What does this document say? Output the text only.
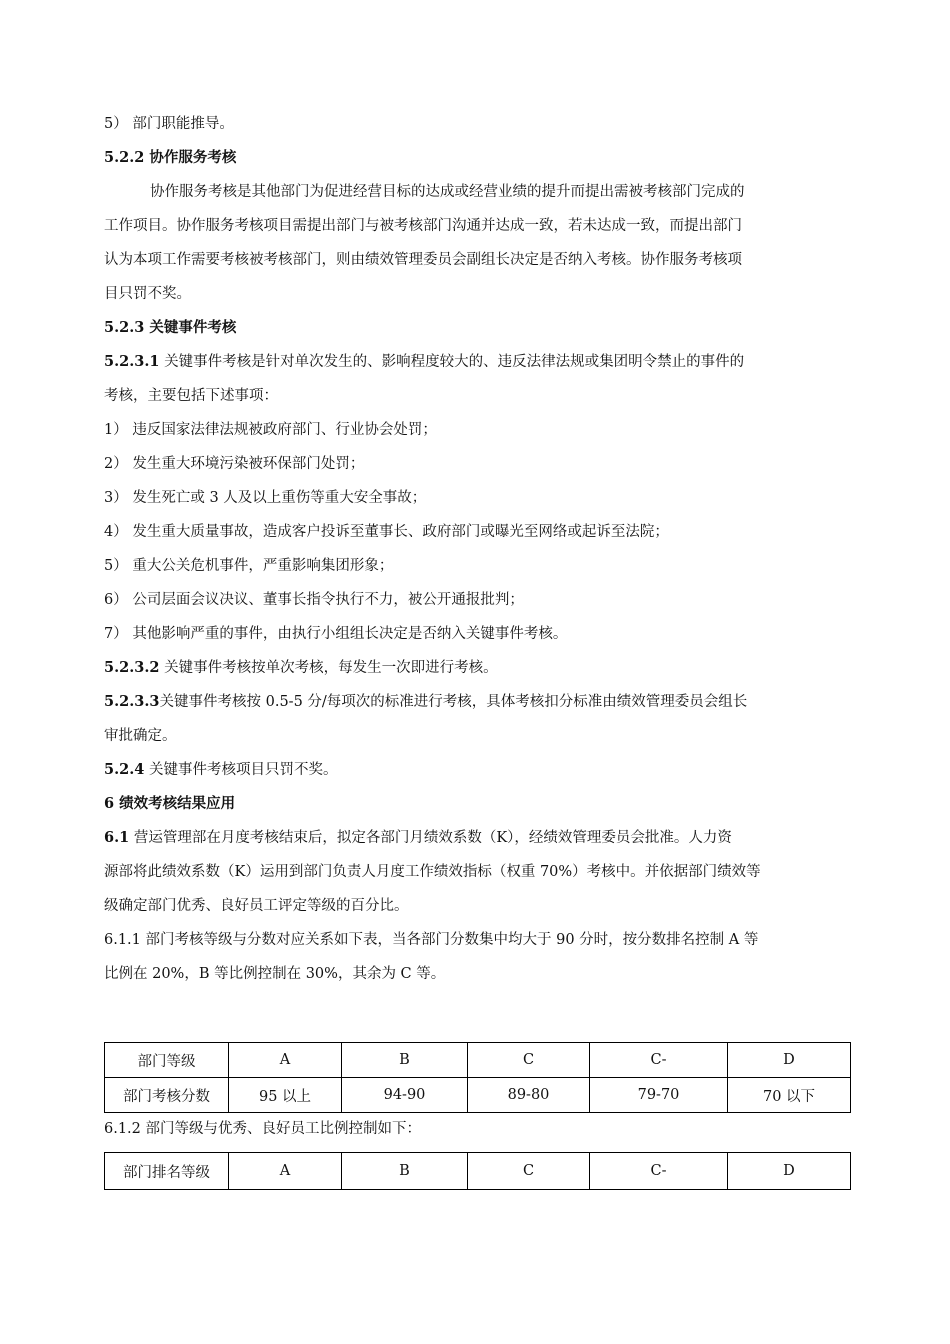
5） 部门职能推导。
5.2.2 协作服务考核
协作服务考核是其他部门为促进经营目标的达成或经营业绩的提升而提出需被考核部门完成的
工作项目。协作服务考核项目需提出部门与被考核部门沟通并达成一致，若未达成一致，而提出部门
认为本项工作需要考核被考核部门，则由绩效管理委员会副组长决定是否纳入考核。协作服务考核项
目只罚不奖。
5.2.3 关键事件考核
5.2.3.1 关键事件考核是针对单次发生的、影响程度较大的、违反法律法规或集团明令禁止的事件的
考核，主要包括下述事项：
1） 违反国家法律法规被政府部门、行业协会处罚；
2） 发生重大环境污染被环保部门处罚；
3） 发生死亡或 3 人及以上重伤等重大安全事故；
4） 发生重大质量事故，造成客户投诉至董事长、政府部门或曝光至网络或起诉至法院；
5） 重大公关危机事件，严重影响集团形象；
6） 公司层面会议决议、董事长指令执行不力，被公开通报批判；
7） 其他影响严重的事件，由执行小组组长决定是否纳入关键事件考核。
5.2.3.2 关键事件考核按单次考核，每发生一次即进行考核。
5.2.3.3关键事件考核按 0.5-5 分/每项次的标准进行考核，具体考核扣分标准由绩效管理委员会组长
审批确定。
5.2.4 关键事件考核项目只罚不奖。
6 绩效考核结果应用
6.1 营运管理部在月度考核结束后，拟定各部门月绩效系数（K），经绩效管理委员会批准。人力资
源部将此绩效系数（K）运用到部门负责人月度工作绩效指标（权重 70%）考核中。并依据部门绩效等
级确定部门优秀、良好员工评定等级的百分比。
6.1.1 部门考核等级与分数对应关系如下表，当各部门分数集中均大于 90 分时，按分数排名控制 A 等
比例在 20%，B 等比例控制在 30%，其余为 C 等。
部门等级	A	B	C	C-	D
部门考核分数	95 以上	94-90	89-80	79-70	70 以下
6.1.2 部门等级与优秀、良好员工比例控制如下：
部门排名等级	A	B	C	C-	D
